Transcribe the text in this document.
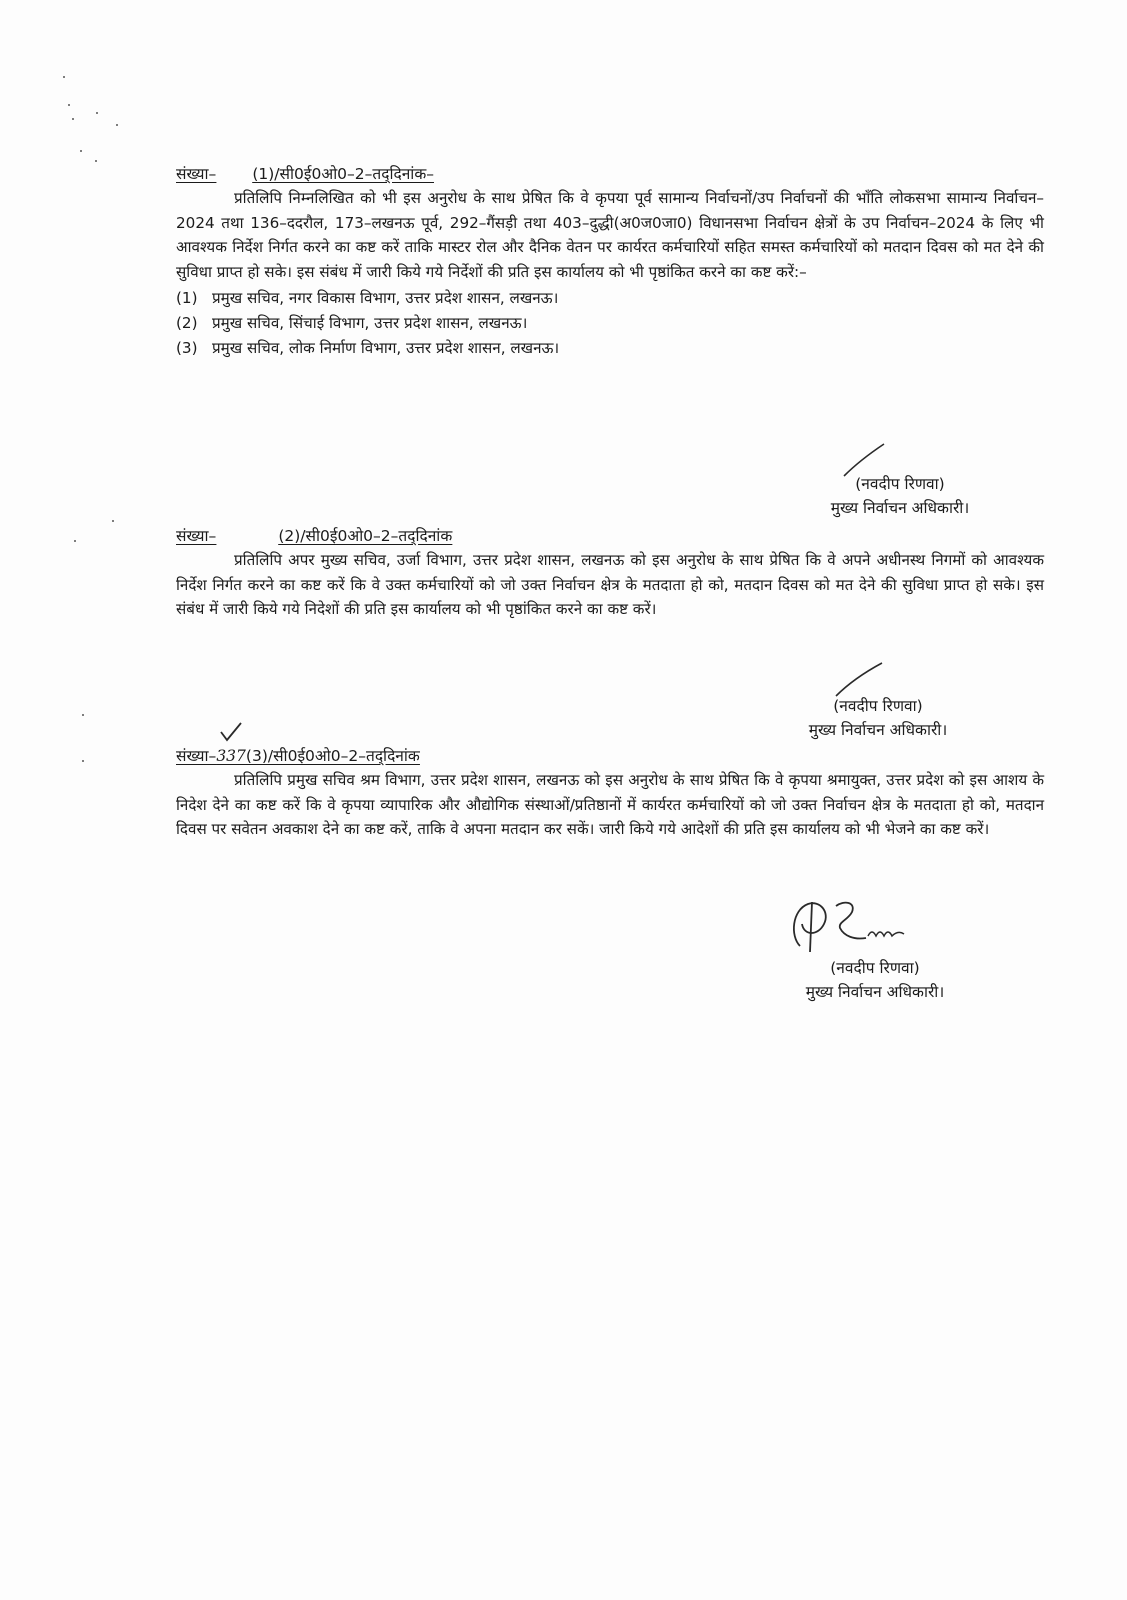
संख्या– (1)/सी0ई0ओ0–2–तद्‌दिनांक–

प्रतिलिपि निम्नलिखित को भी इस अनुरोध के साथ प्रेषित कि वे कृपया पूर्व सामान्य निर्वाचनों/उप निर्वाचनों की भाँति लोकसभा सामान्य निर्वाचन–2024 तथा 136–ददरौल, 173–लखनऊ पूर्व, 292–गैंसड़ी तथा 403–दुद्धी(अ0ज0जा0) विधानसभा निर्वाचन क्षेत्रों के उप निर्वाचन–2024 के लिए भी आवश्यक निर्देश निर्गत करने का कष्ट करें ताकि मास्टर रोल और दैनिक वेतन पर कार्यरत कर्मचारियों सहित समस्त कर्मचारियों को मतदान दिवस को मत देने की सुविधा प्राप्त हो सके। इस संबंध में जारी किये गये निर्देशों की प्रति इस कार्यालय को भी पृष्ठांकित करने का कष्ट करें:–

(1) प्रमुख सचिव, नगर विकास विभाग, उत्तर प्रदेश शासन, लखनऊ।
(2) प्रमुख सचिव, सिंचाई विभाग, उत्तर प्रदेश शासन, लखनऊ।
(3) प्रमुख सचिव, लोक निर्माण विभाग, उत्तर प्रदेश शासन, लखनऊ।
(नवदीप रिणवा)
मुख्य निर्वाचन अधिकारी।
संख्या–	(2)/सी0ई0ओ0–2–तद्‌दिनांक

प्रतिलिपि अपर मुख्य सचिव, उर्जा विभाग, उत्तर प्रदेश शासन, लखनऊ को इस अनुरोध के साथ प्रेषित कि वे अपने अधीनस्थ निगमों को आवश्यक निर्देश निर्गत करने का कष्ट करें कि वे उक्त कर्मचारियों को जो उक्त निर्वाचन क्षेत्र के मतदाता हो को, मतदान दिवस को मत देने की सुविधा प्राप्त हो सके। इस संबंध में जारी किये गये निदेशों की प्रति इस कार्यालय को भी पृष्ठांकित करने का कष्ट करें।

(नवदीप रिणवा)
मुख्य निर्वाचन अधिकारी।
संख्या–337(3)/सी0ई0ओ0–2–तद्‌दिनांक

प्रतिलिपि प्रमुख सचिव श्रम विभाग, उत्तर प्रदेश शासन, लखनऊ को इस अनुरोध के साथ प्रेषित कि वे कृपया श्रमायुक्त, उत्तर प्रदेश को इस आशय के निदेश देने का कष्ट करें कि वे कृपया व्यापारिक और औद्योगिक संस्थाओं/प्रतिष्ठानों में कार्यरत कर्मचारियों को जो उक्त निर्वाचन क्षेत्र के मतदाता हो को, मतदान दिवस पर सवेतन अवकाश देने का कष्ट करें, ताकि वे अपना मतदान कर सकें। जारी किये गये आदेशों की प्रति इस कार्यालय को भी भेजने का कष्ट करें।

(नवदीप रिणवा)
मुख्य निर्वाचन अधिकारी।
